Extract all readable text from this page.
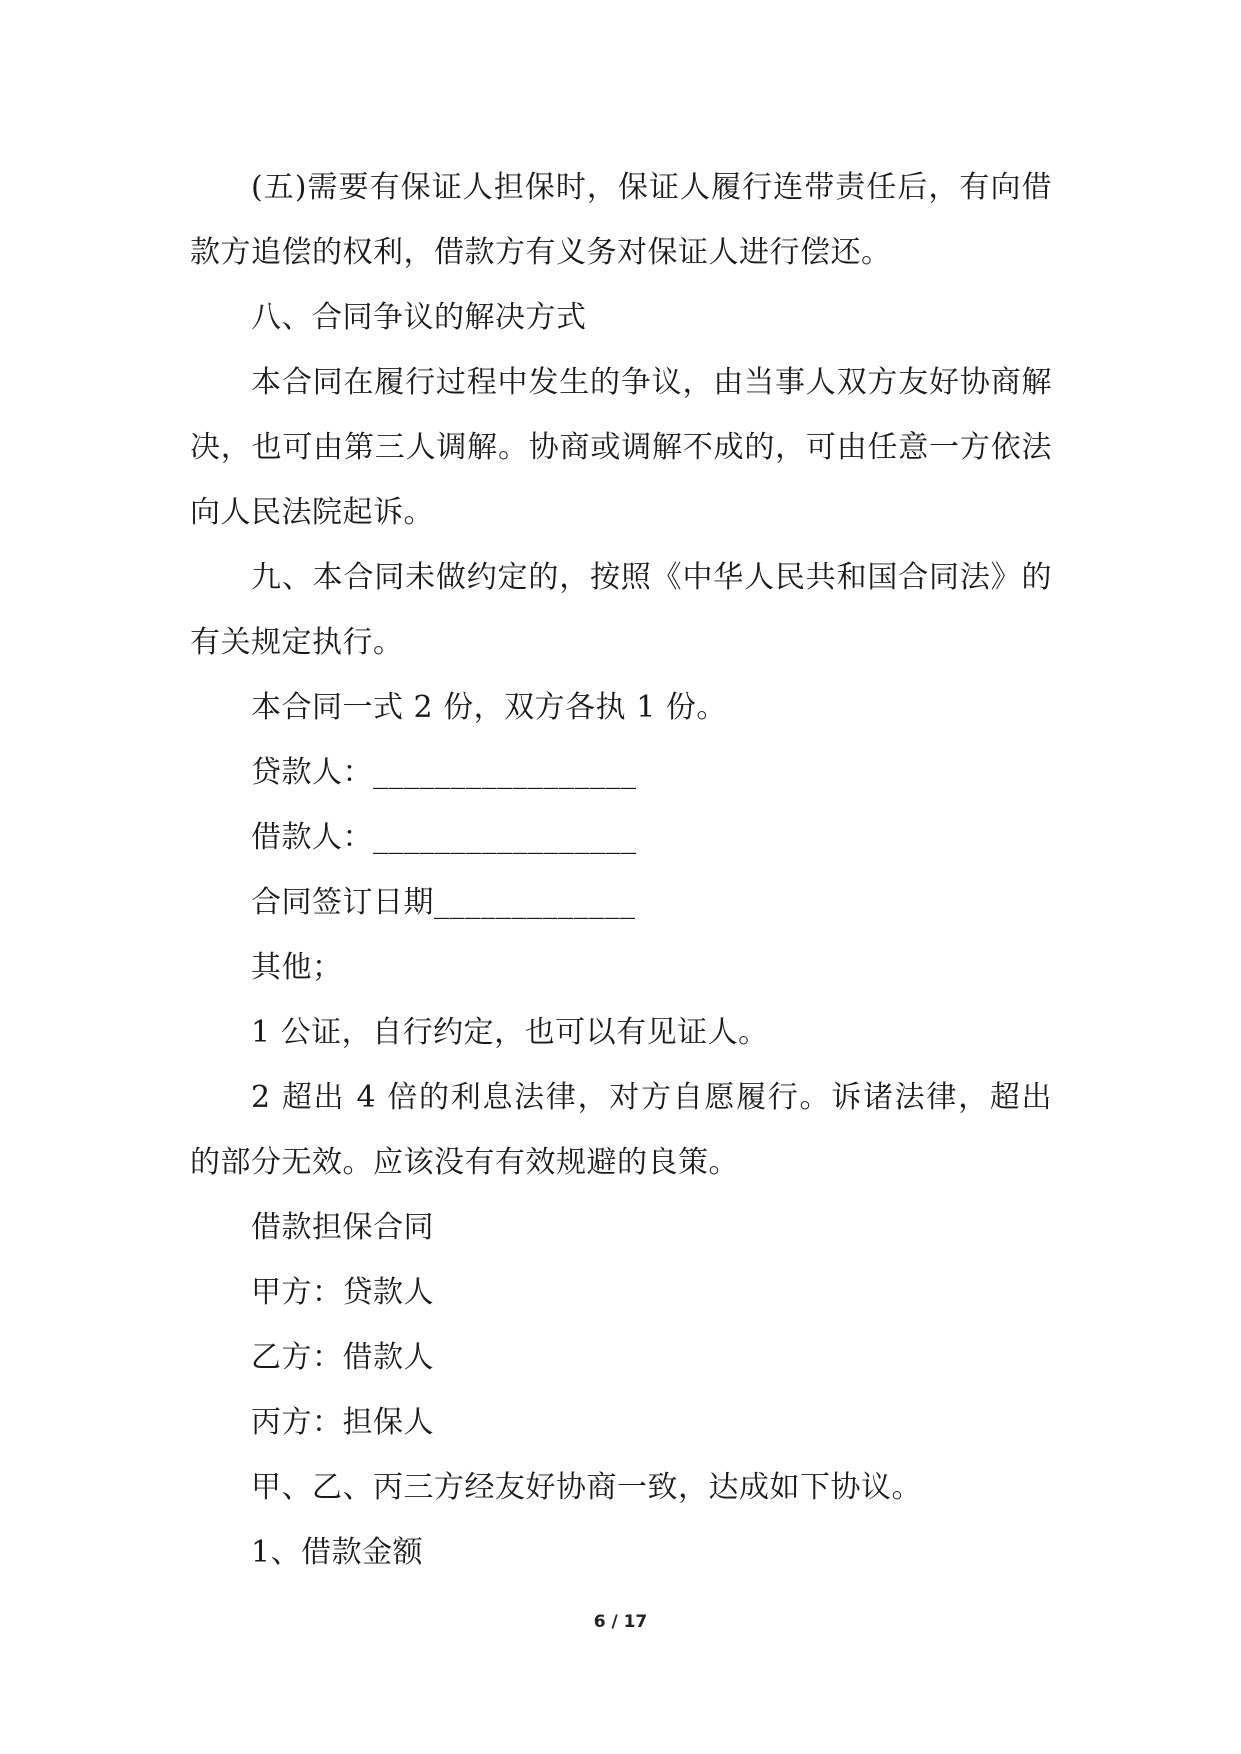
(五)需要有保证人担保时，保证人履行连带责任后，有向借款方追偿的权利，借款方有义务对保证人进行偿还。

八、合同争议的解决方式

本合同在履行过程中发生的争议，由当事人双方友好协商解决，也可由第三人调解。协商或调解不成的，可由任意一方依法向人民法院起诉。

九、本合同未做约定的，按照《中华人民共和国合同法》的有关规定执行。

本合同一式 2 份，双方各执 1 份。

贷款人：_________________

借款人：_________________

合同签订日期_____________

其他；

1 公证，自行约定，也可以有见证人。

2 超出 4 倍的利息法律，对方自愿履行。诉诸法律，超出的部分无效。应该没有有效规避的良策。

借款担保合同

甲方：贷款人

乙方：借款人

丙方：担保人

甲、乙、丙三方经友好协商一致，达成如下协议。

1、借款金额

6 / 17
